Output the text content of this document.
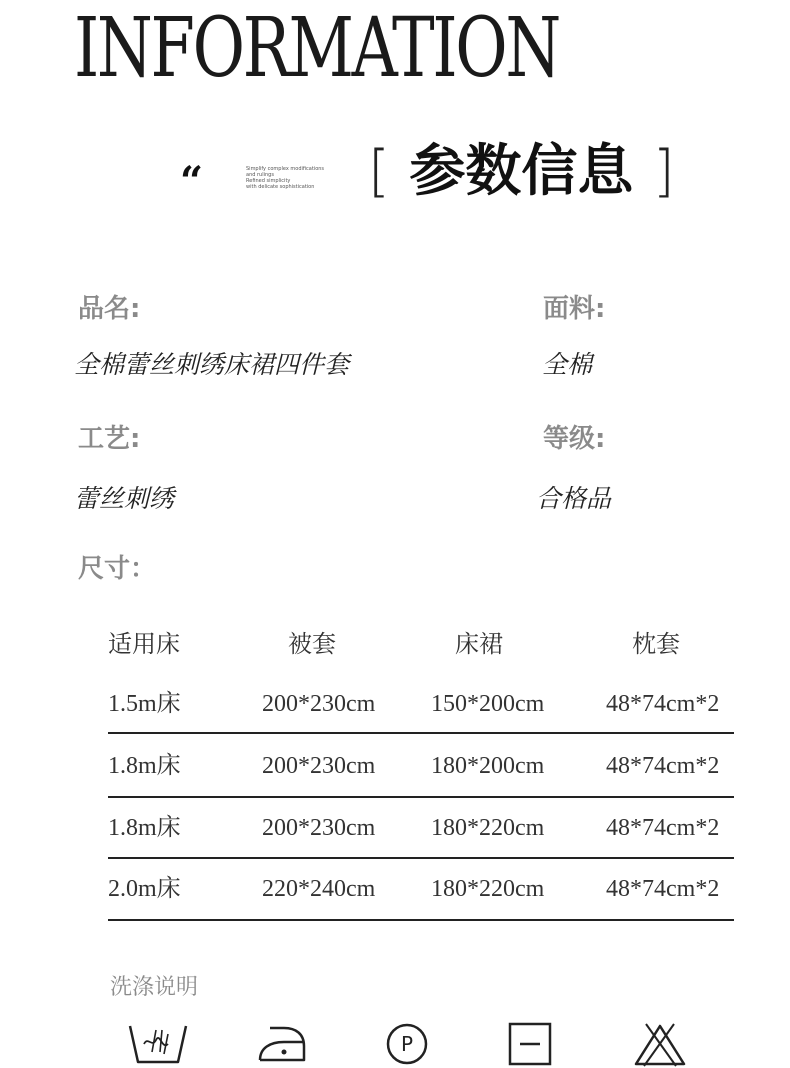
INFORMATION
“	Simplify complex modifications
and rulings
Refined simplicity
with delicate sophistication [ 参数信息 ]
品名:
全棉蕾丝刺绣床裙四件套
面料:
全棉
工艺:
蕾丝刺绣
等级:
合格品
尺寸：
适用床	被套	床裙	枕套
1.5m床	200*230cm 150*200cm	48*74cm*2
1.8m床	200*230cm 180*200cm	48*74cm*2
1.8m床	200*230cm 180*220cm	48*74cm*2
2.0m床	220*240cm 180*220cm	48*74cm*2
洗涤说明
P
